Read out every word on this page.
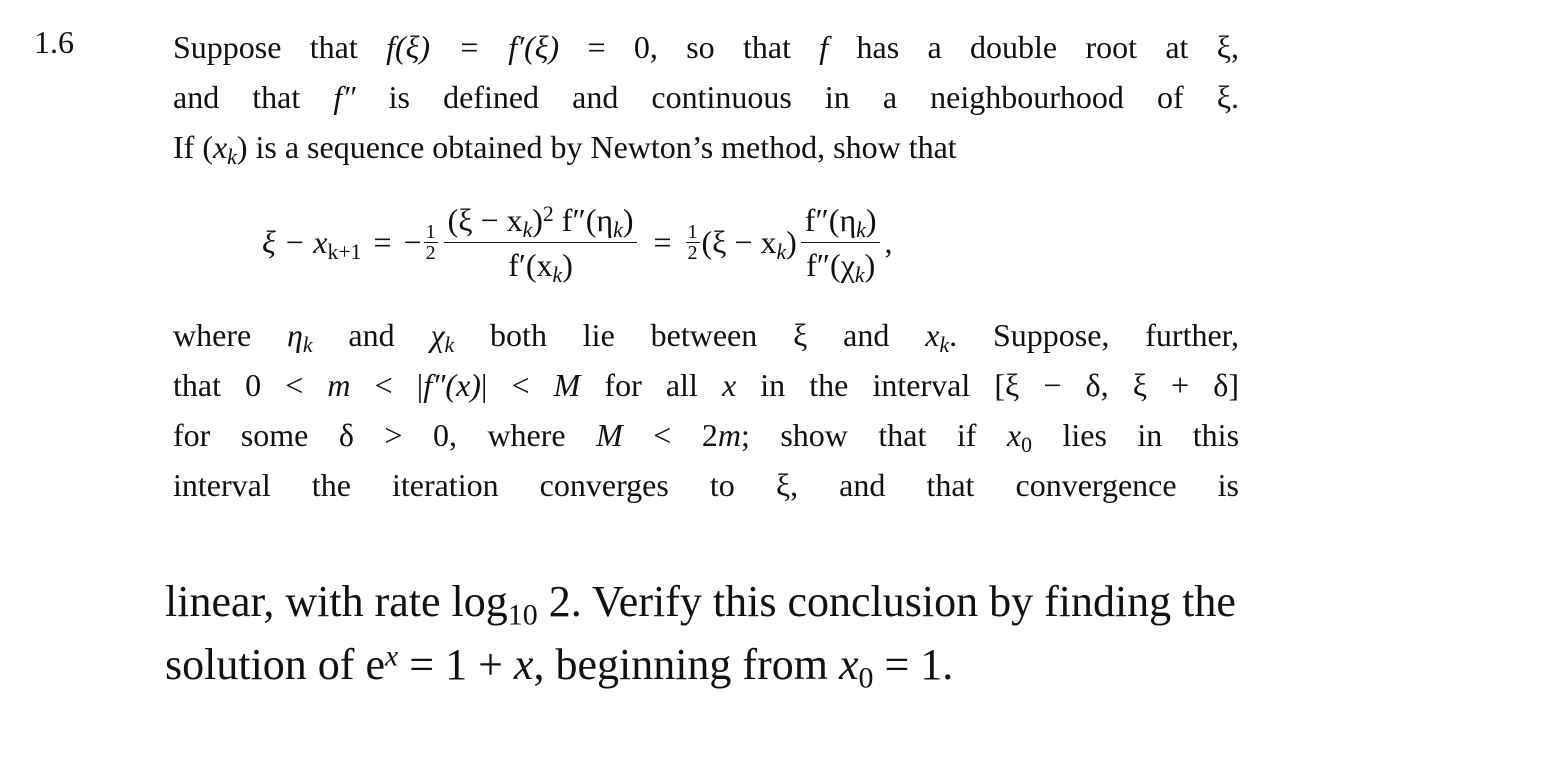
1.6	Suppose that f(ξ) = f′(ξ) = 0, so that f has a double root at ξ,
and that f″ is defined and continuous in a neighbourhood of ξ.
If $(x_k)$ is a sequence obtained by Newton’s method, show that
$\xi - x_{k+1}$ = − $\frac{1}{2} \frac{(\xi - x_k)^2 f''(\eta_k)}{f'(x_k)} = \frac{1}{2} (\xi - x_k) \frac{f''(\eta_k)}{f''(\chi_k)}$ ,
where $\eta_k$ and $\chi_k$ both lie between ξ and $x_k$. Suppose, further,
that 0 < m < |f″(x)| < M for all x in the interval [ξ − δ, ξ + δ]
for some δ > 0, where M < 2m; show that if $x_0$ lies in this
interval the iteration converges to ξ, and that convergence is
linear, with rate $\log_{10} 2$. Verify this conclusion by finding the
solution of $e^x = 1 + x$, beginning from $x_0 = 1$.
